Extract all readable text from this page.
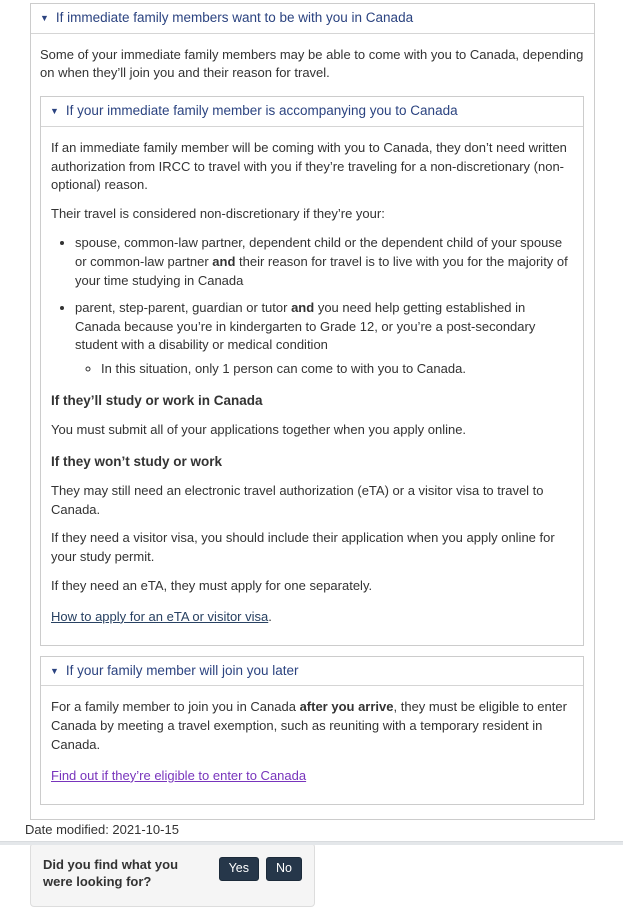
▼ If immediate family members want to be with you in Canada

Some of your immediate family members may be able to come with you to Canada, depending on when they’ll join you and their reason for travel.

▼ If your immediate family member is accompanying you to Canada

If an immediate family member will be coming with you to Canada, they don’t need written authorization from IRCC to travel with you if they’re traveling for a non-discretionary (non-optional) reason.

Their travel is considered non-discretionary if they’re your:

• spouse, common-law partner, dependent child or the dependent child of your spouse or common-law partner and their reason for travel is to live with you for the majority of your time studying in Canada
• parent, step-parent, guardian or tutor and you need help getting established in Canada because you’re in kindergarten to Grade 12, or you’re a post-secondary student with a disability or medical condition
◦ In this situation, only 1 person can come to with you to Canada.

If they’ll study or work in Canada

You must submit all of your applications together when you apply online.

If they won’t study or work

They may still need an electronic travel authorization (eTA) or a visitor visa to travel to Canada.

If they need a visitor visa, you should include their application when you apply online for your study permit.

If they need an eTA, they must apply for one separately.

How to apply for an eTA or visitor visa.

▼ If your family member will join you later

For a family member to join you in Canada after you arrive, they must be eligible to enter Canada by meeting a travel exemption, such as reuniting with a temporary resident in Canada.

Find out if they’re eligible to enter to Canada

Did you find what you were looking for?
Yes	No
Date modified: 2021-10-15
